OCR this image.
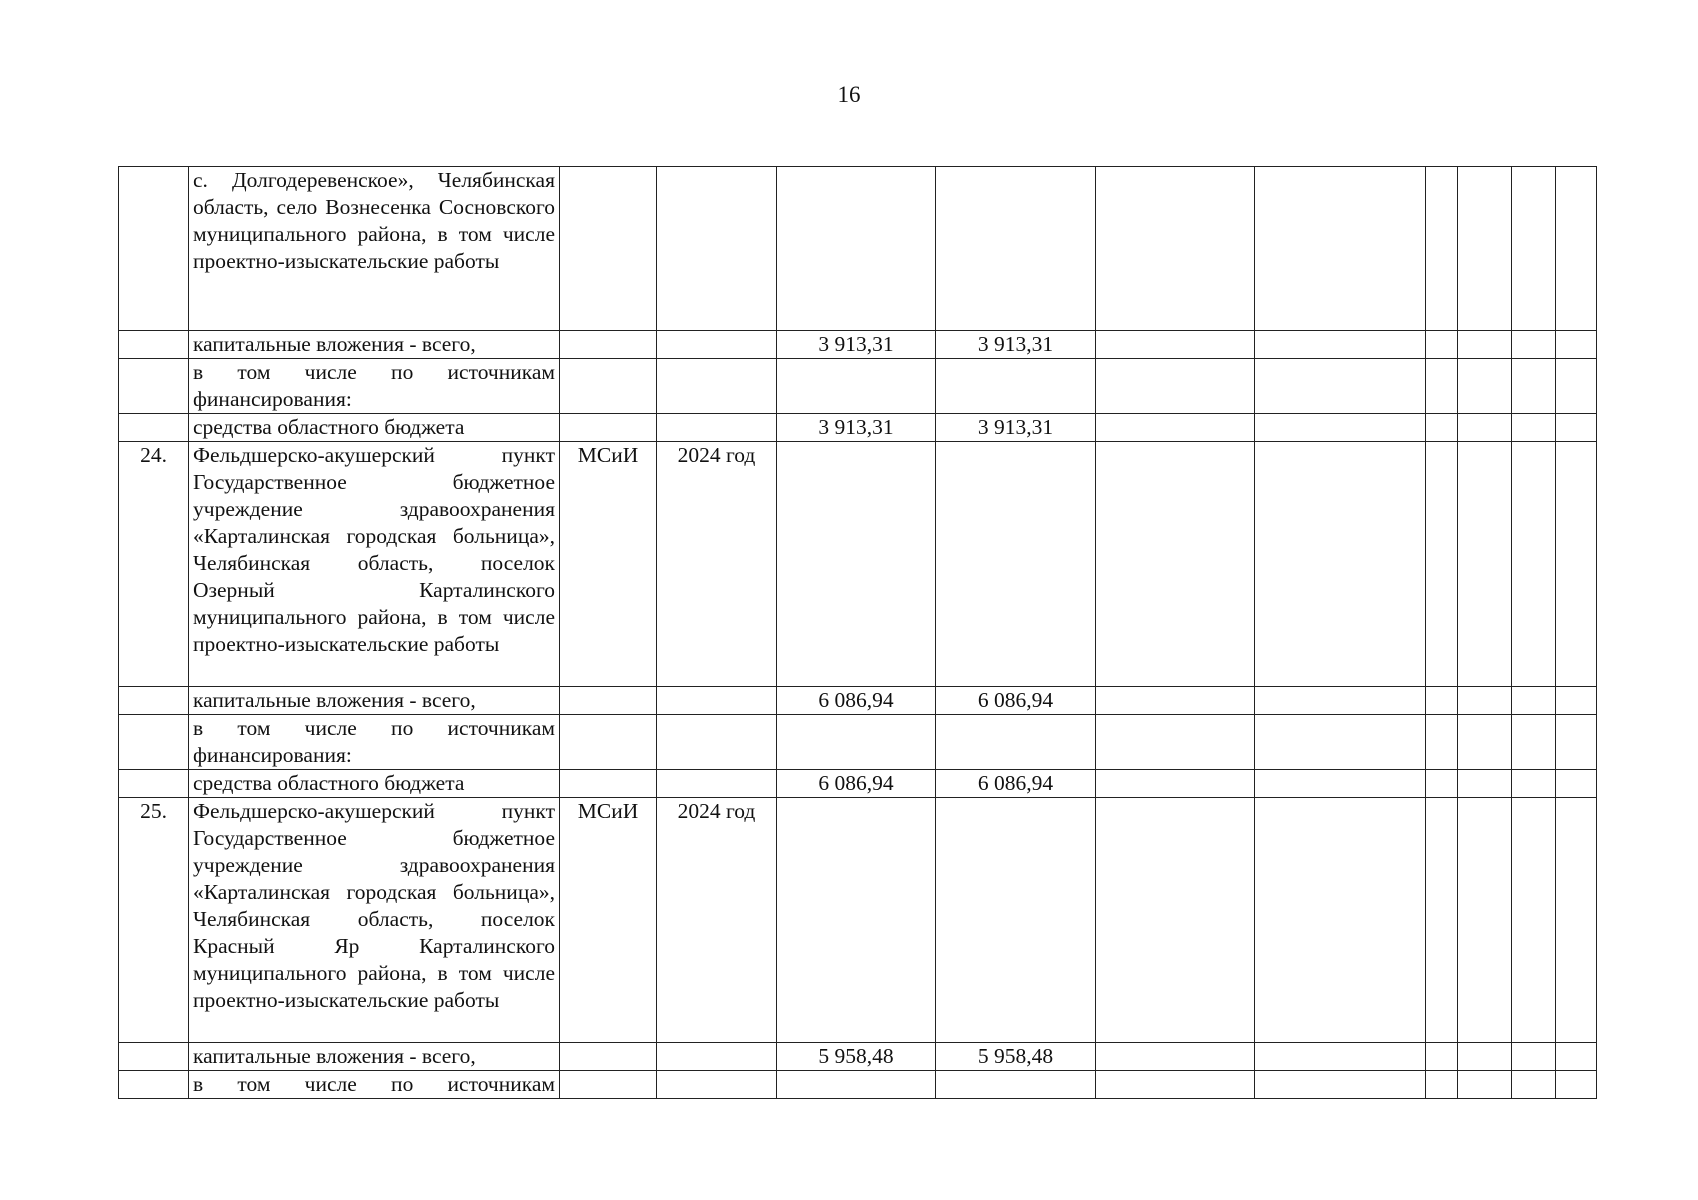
16
	с. Долгодеревенское», Челябинская область, село Вознесенка Сосновского муниципального района, в том числе проектно-изыскательские работы										
	капитальные вложения - всего,			3 913,31	3 913,31						
	в том числе по источникам финансирования:										
	средства областного бюджета			3 913,31	3 913,31						
24.	Фельдшерско-акушерский пункт Государственное бюджетное учреждение здравоохранения «Карталинская городская больница», Челябинская область, поселок Озерный Карталинского муниципального района, в том числе проектно-изыскательские работы	МСиИ	2024 год								
	капитальные вложения - всего,			6 086,94	6 086,94						
	в том числе по источникам финансирования:										
	средства областного бюджета			6 086,94	6 086,94						
25.	Фельдшерско-акушерский пункт Государственное бюджетное учреждение здравоохранения «Карталинская городская больница», Челябинская область, поселок Красный Яр Карталинского муниципального района, в том числе проектно-изыскательские работы	МСиИ	2024 год								
	капитальные вложения - всего,			5 958,48	5 958,48						
	в том числе по источникам										
